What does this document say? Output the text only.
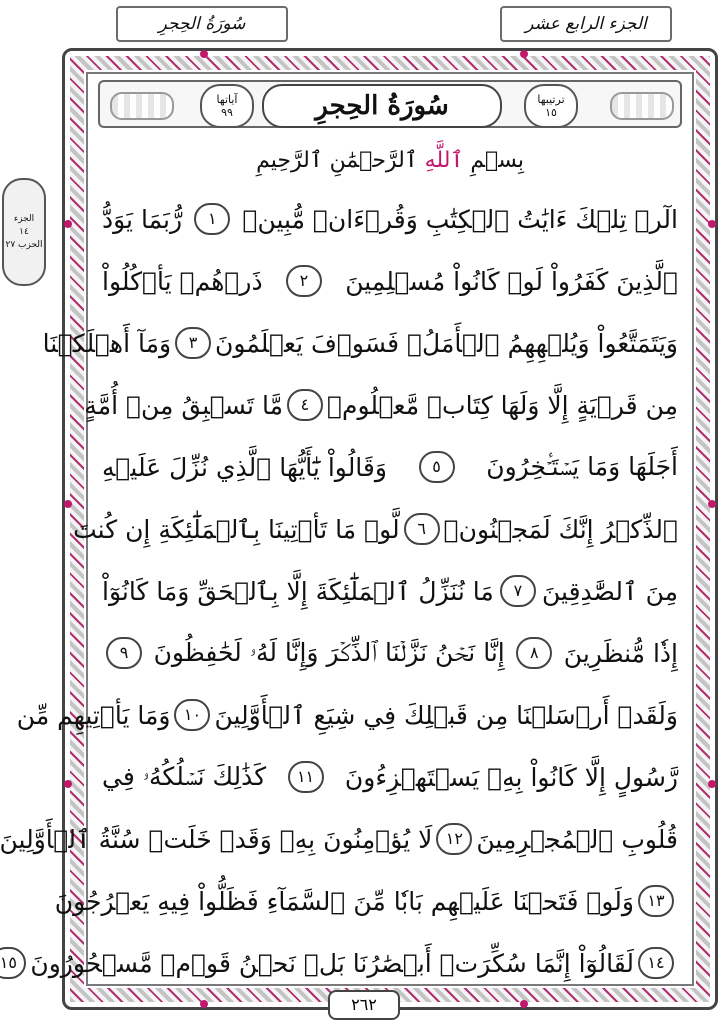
سُورَةُ الحِجرِ	الجزء الرابع عشر
آياتها
٩٩	سُورَةُ الحِجرِ	ترتيبها
١٥
الجزء
١٤
الحزب ٢٧
بِسۡمِ ٱللَّهِ ٱلرَّحۡمَٰنِ ٱلرَّحِيمِ
الٓرۚ تِلۡكَ ءَايَٰتُ ٱلۡكِتَٰبِ وَقُرۡءَانٖ مُّبِينٖ
١
رُّبَمَا يَوَدُّ
ٱلَّذِينَ كَفَرُواْ لَوۡ كَانُواْ مُسۡلِمِينَ
٢
ذَرۡهُمۡ يَأۡكُلُواْ
وَيَتَمَتَّعُواْ وَيُلۡهِهِمُ ٱلۡأَمَلُۖ فَسَوۡفَ يَعۡلَمُونَ
٣
وَمَآ أَهۡلَكۡنَا
مِن قَرۡيَةٍ إِلَّا وَلَهَا كِتَابٞ مَّعۡلُومٞ
٤
مَّا تَسۡبِقُ مِنۡ أُمَّةٍ
أَجَلَهَا وَمَا يَسۡتَـٔۡخِرُونَ
٥
وَقَالُواْ يَٰٓأَيُّهَا ٱلَّذِي نُزِّلَ عَلَيۡهِ
ٱلذِّكۡرُ إِنَّكَ لَمَجۡنُونٞ
٦
لَّوۡ مَا تَأۡتِينَا بِٱلۡمَلَٰٓئِكَةِ إِن كُنتَ
مِنَ ٱلصَّٰدِقِينَ
٧
مَا نُنَزِّلُ ٱلۡمَلَٰٓئِكَةَ إِلَّا بِٱلۡحَقِّ وَمَا كَانُوٓاْ
إِذٗا مُّنظَرِينَ
٨
إِنَّا نَحۡنُ نَزَّلۡنَا ٱلذِّكۡرَ وَإِنَّا لَهُۥ لَحَٰفِظُونَ
٩
وَلَقَدۡ أَرۡسَلۡنَا مِن قَبۡلِكَ فِي شِيَعِ ٱلۡأَوَّلِينَ
١٠
وَمَا يَأۡتِيهِم مِّن
رَّسُولٍ إِلَّا كَانُواْ بِهِۦ يَسۡتَهۡزِءُونَ
١١
كَذَٰلِكَ نَسۡلُكُهُۥ فِي
قُلُوبِ ٱلۡمُجۡرِمِينَ
١٢
لَا يُؤۡمِنُونَ بِهِۦ وَقَدۡ خَلَتۡ سُنَّةُ ٱلۡأَوَّلِينَ
١٣
وَلَوۡ فَتَحۡنَا عَلَيۡهِم بَابٗا مِّنَ ٱلسَّمَآءِ فَظَلُّواْ فِيهِ يَعۡرُجُونَ
١٤
لَقَالُوٓاْ إِنَّمَا سُكِّرَتۡ أَبۡصَٰرُنَا بَلۡ نَحۡنُ قَوۡمٞ مَّسۡحُورُونَ
١٥
٢٦٢
